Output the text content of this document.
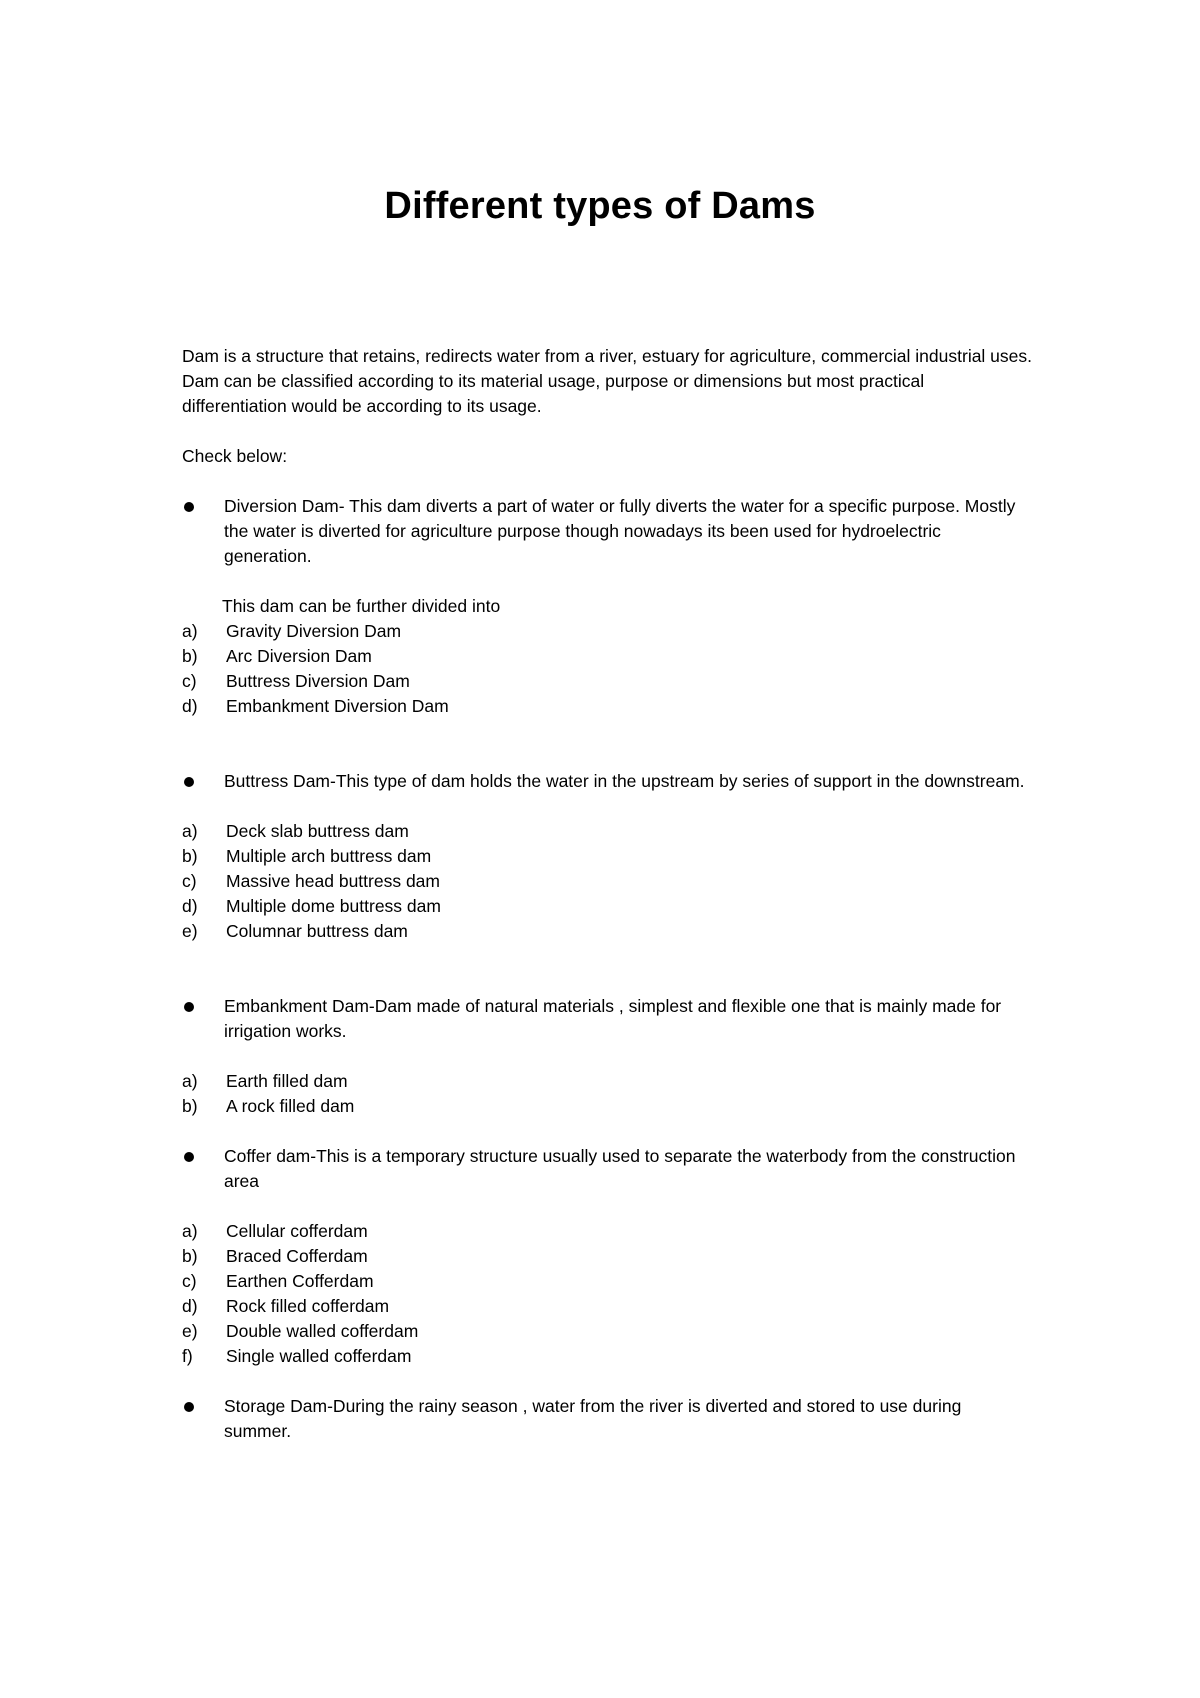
Different types of Dams

Dam is a structure that retains, redirects water from a river, estuary for agriculture, commercial industrial uses. Dam can be classified according to its material usage, purpose or dimensions but most practical differentiation would be according to its usage.

Check below:

Diversion Dam- This dam diverts a part of water or fully diverts the water for a specific purpose. Mostly the water is diverted for agriculture purpose though nowadays its been used for hydroelectric generation.

This dam can be further divided into

a) Gravity Diversion Dam
b) Arc Diversion Dam
c) Buttress Diversion Dam
d) Embankment Diversion Dam
Buttress Dam-This type of dam holds the water in the upstream by series of support in the downstream.
a) Deck slab buttress dam
b) Multiple arch buttress dam
c) Massive head buttress dam
d) Multiple dome buttress dam
e) Columnar buttress dam
Embankment Dam-Dam made of natural materials , simplest and flexible one that is mainly made for irrigation works.
a) Earth filled dam
b) A rock filled dam
Coffer dam-This is a temporary structure usually used to separate the waterbody from the construction area
a) Cellular cofferdam
b) Braced Cofferdam
c) Earthen Cofferdam
d) Rock filled cofferdam
e) Double walled cofferdam
f) Single walled cofferdam
Storage Dam-During the rainy season , water from the river is diverted and stored to use during summer.
